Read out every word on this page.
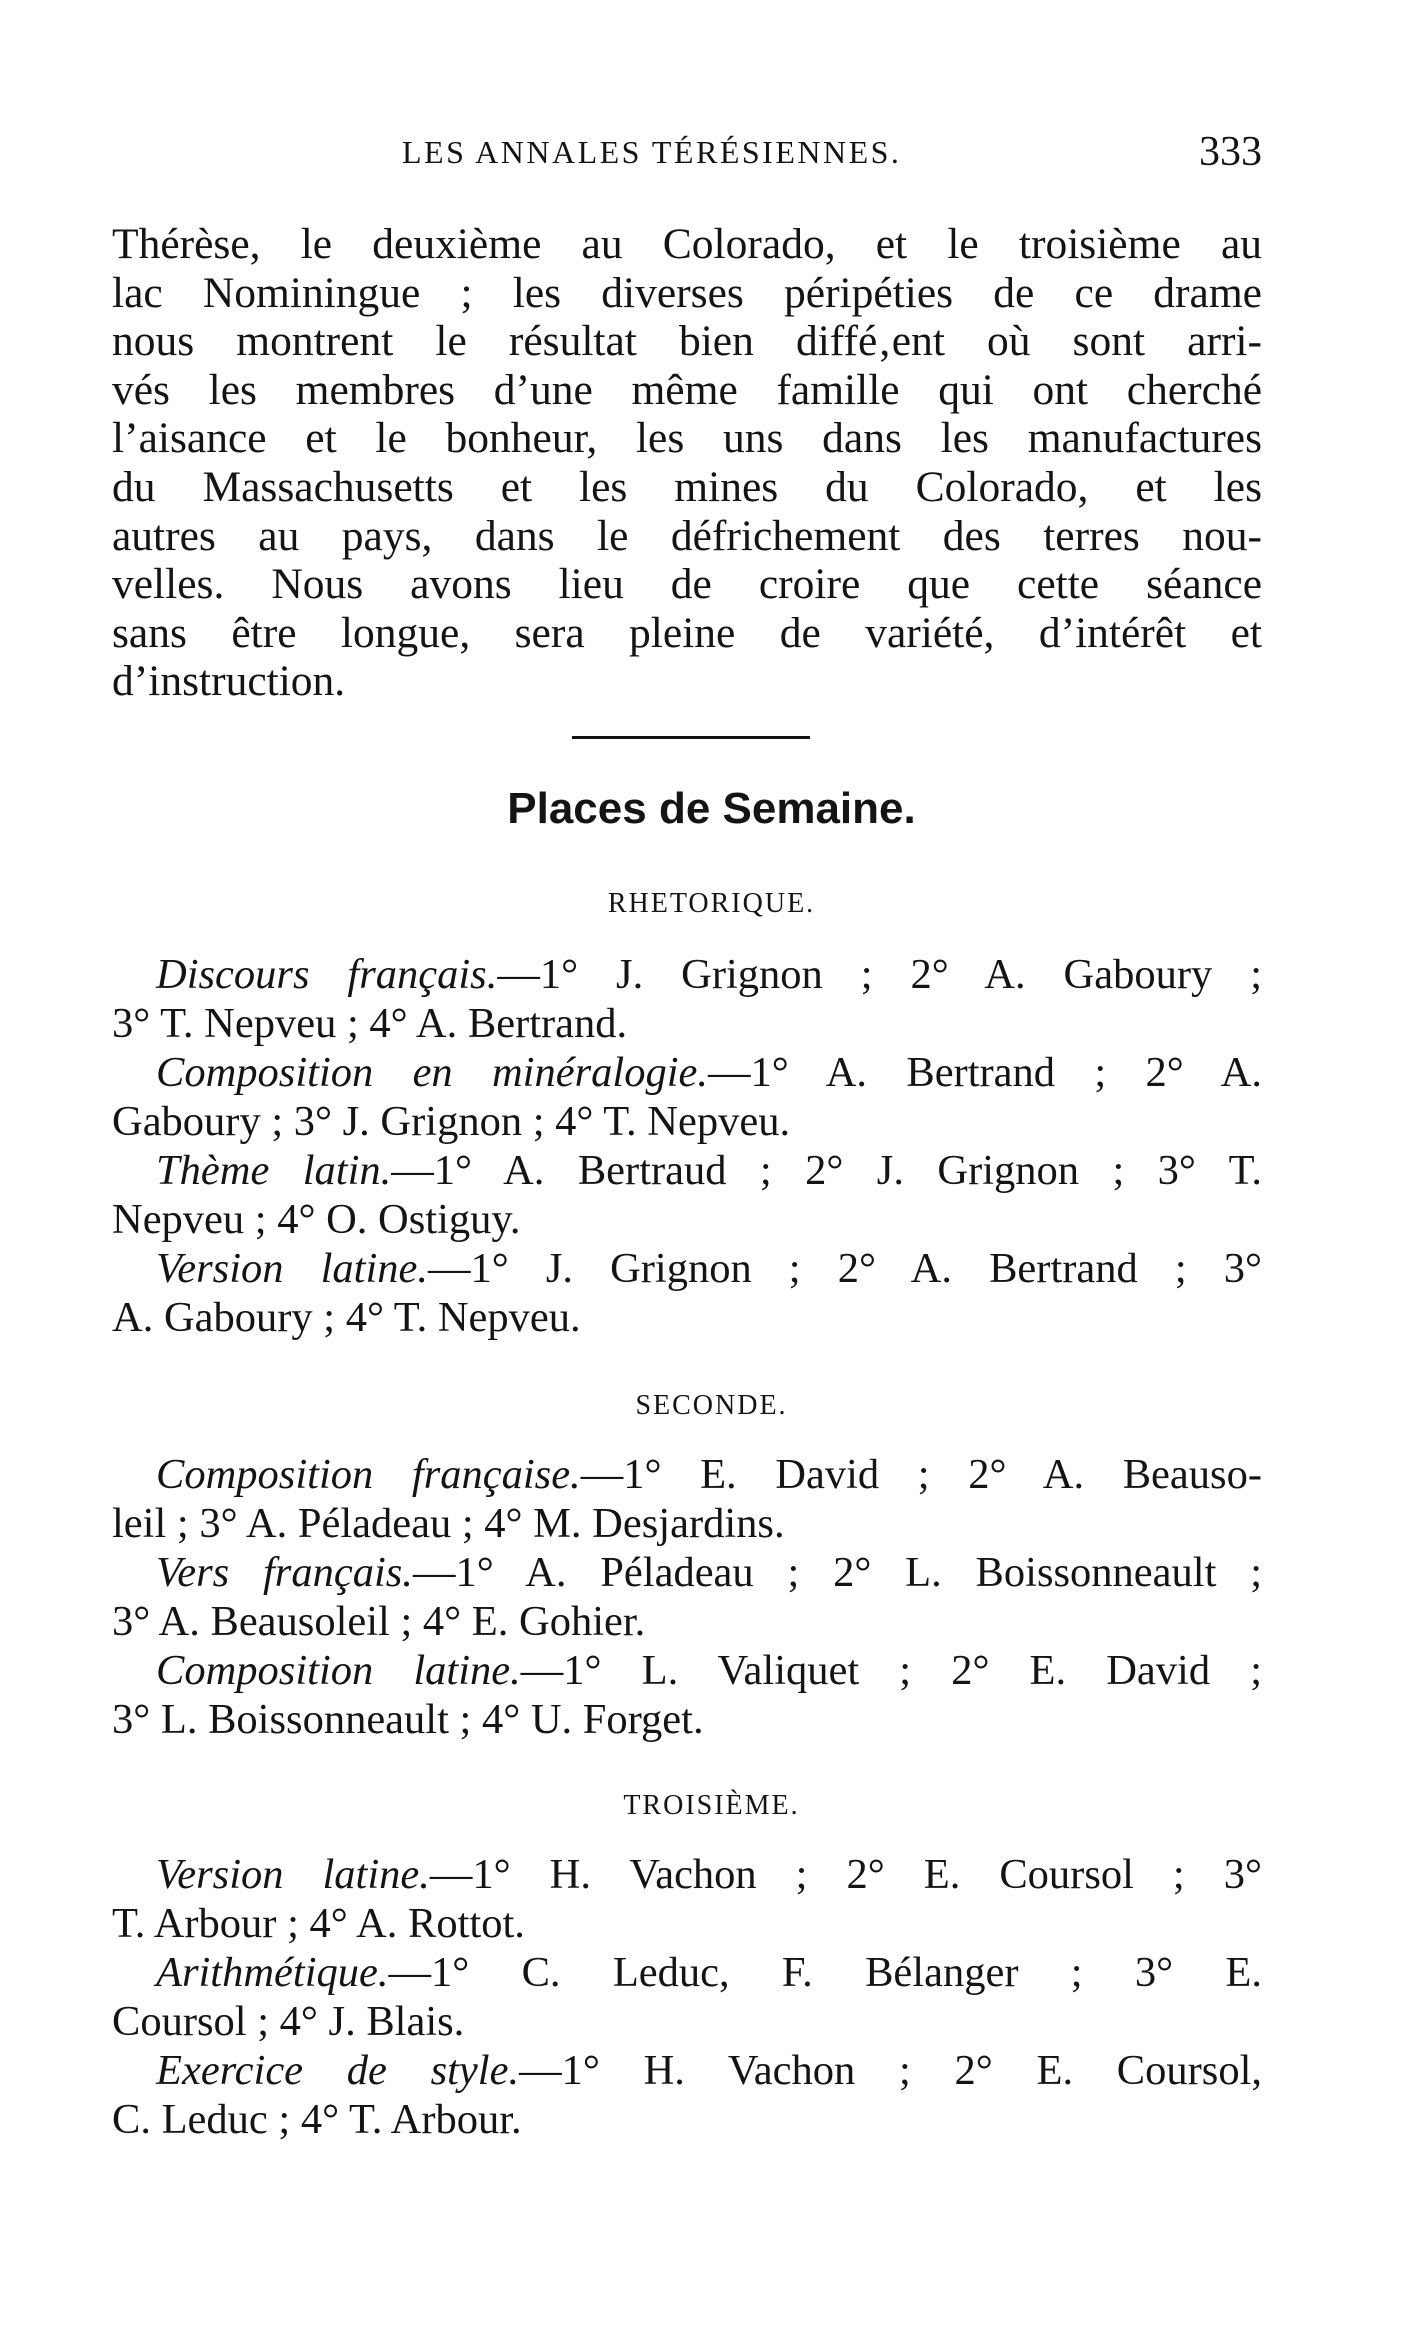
LES ANNALES TÉRÉSIENNES.	333
Thérèse, le deuxième au Colorado, et le troisième au
lac Nominingue ; les diverses péripéties de ce drame
nous montrent le résultat bien diffé‚ent où sont arri-
vés les membres d’une même famille qui ont cherché
l’aisance et le bonheur, les uns dans les manufactures
du Massachusetts et les mines du Colorado, et les
autres au pays, dans le défrichement des terres nou-
velles. Nous avons lieu de croire que cette séance
sans être longue, sera pleine de variété, d’intérêt et
d’instruction.
Places de Semaine.
RHETORIQUE.
Discours français.—1° J. Grignon ; 2° A. Gaboury ;
3° T. Nepveu ; 4° A. Bertrand.
Composition en minéralogie.—1° A. Bertrand ; 2° A.
Gaboury ; 3° J. Grignon ; 4° T. Nepveu.
Thème latin.—1° A. Bertraud ; 2° J. Grignon ; 3° T.
Nepveu ; 4° O. Ostiguy.
Version latine.—1° J. Grignon ; 2° A. Bertrand ; 3°
A. Gaboury ; 4° T. Nepveu.
SECONDE.
Composition française.—1° E. David ; 2° A. Beauso-
leil ; 3° A. Péladeau ; 4° M. Desjardins.
Vers français.—1° A. Péladeau ; 2° L. Boissonneault ;
3° A. Beausoleil ; 4° E. Gohier.
Composition latine.—1° L. Valiquet ; 2° E. David ;
3° L. Boissonneault ; 4° U. Forget.
TROISIÈME.
Version latine.—1° H. Vachon ; 2° E. Coursol ; 3°
T. Arbour ; 4° A. Rottot.
Arithmétique.—1° C. Leduc, F. Bélanger ; 3° E.
Coursol ; 4° J. Blais.
Exercice de style.—1° H. Vachon ; 2° E. Coursol,
C. Leduc ; 4° T. Arbour.
